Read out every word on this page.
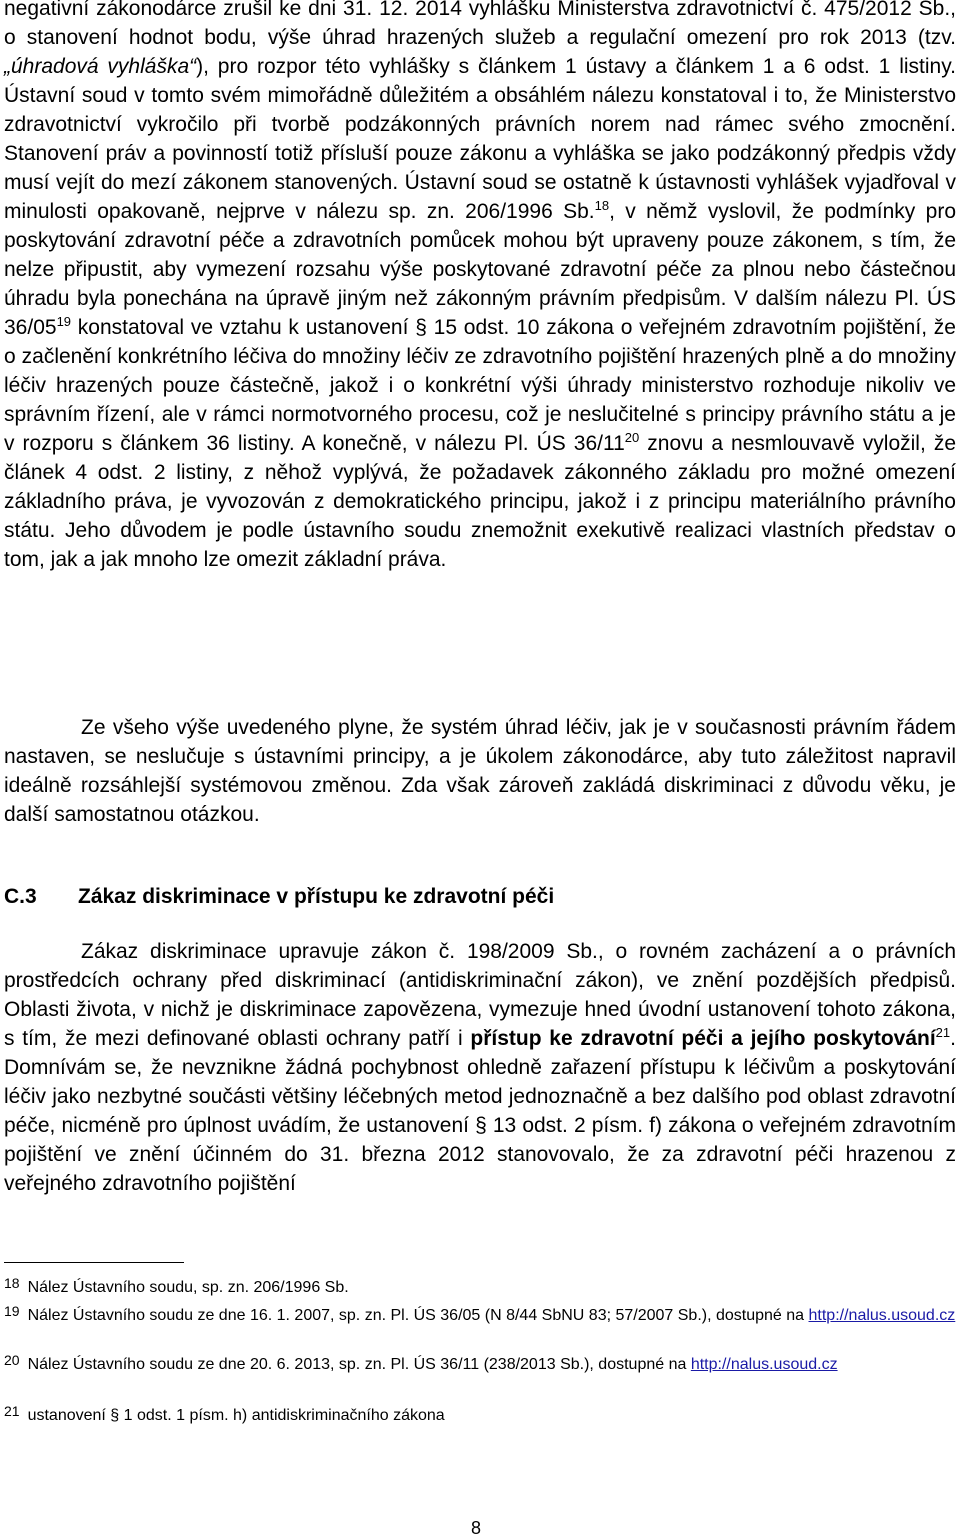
negativní zákonodárce zrušil ke dni 31. 12. 2014 vyhlášku Ministerstva zdravotnictví č. 475/2012 Sb., o stanovení hodnot bodu, výše úhrad hrazených služeb a regulační omezení pro rok 2013 (tzv. „úhradová vyhláška“), pro rozpor této vyhlášky s článkem 1 ústavy a článkem 1 a 6 odst. 1 listiny. Ústavní soud v tomto svém mimořádně důležitém a obsáhlém nálezu konstatoval i to, že Ministerstvo zdravotnictví vykročilo při tvorbě podzákonných právních norem nad rámec svého zmocnění. Stanovení práv a povinností totiž přísluší pouze zákonu a vyhláška se jako podzákonný předpis vždy musí vejít do mezí zákonem stanovených. Ústavní soud se ostatně k ústavnosti vyhlášek vyjadřoval v minulosti opakovaně, nejprve v nálezu sp. zn. 206/1996 Sb.$^{18}$, v němž vyslovil, že podmínky pro poskytování zdravotní péče a zdravotních pomůcek mohou být upraveny pouze zákonem, s tím, že nelze připustit, aby vymezení rozsahu výše poskytované zdravotní péče za plnou nebo částečnou úhradu byla ponechána na úpravě jiným než zákonným právním předpisům. V dalším nálezu Pl. ÚS $36/05^{19}$ konstatoval ve vztahu k ustanovení § 15 odst. 10 zákona o veřejném zdravotním pojištění, že o začlenění konkrétního léčiva do množiny léčiv ze zdravotního pojištění hrazených plně a do množiny léčiv hrazených pouze částečně, jakož i o konkrétní výši úhrady ministerstvo rozhoduje nikoliv ve správním řízení, ale v rámci normotvorného procesu, což je neslučitelné s principy právního státu a je v rozporu s článkem 36 listiny. A konečně, v nálezu Pl. ÚS $36/11^{20}$ znovu a nesmlouvavě vyložil, že článek 4 odst. 2 listiny, z něhož vyplývá, že požadavek zákonného základu pro možné omezení základního práva, je vyvozován z demokratického principu, jakož i z principu materiálního právního státu. Jeho důvodem je podle ústavního soudu znemožnit exekutivě realizaci vlastních představ o tom, jak a jak mnoho lze omezit základní práva.

Ze všeho výše uvedeného plyne, že systém úhrad léčiv, jak je v současnosti právním řádem nastaven, se neslučuje s ústavními principy, a je úkolem zákonodárce, aby tuto záležitost napravil ideálně rozsáhlejší systémovou změnou. Zda však zároveň zakládá diskriminaci z důvodu věku, je další samostatnou otázkou.

C.3 Zákaz diskriminace v přístupu ke zdravotní péči

Zákaz diskriminace upravuje zákon č. 198/2009 Sb., o rovném zacházení a o právních prostředcích ochrany před diskriminací (antidiskriminační zákon), ve znění pozdějších předpisů. Oblasti života, v nichž je diskriminace zapovězena, vymezuje hned úvodní ustanovení tohoto zákona, s tím, že mezi definované oblasti ochrany patří i přístup ke zdravotní péči a jejího poskytování$^{21}$. Domnívám se, že nevznikne žádná pochybnost ohledně zařazení přístupu k léčivům a poskytování léčiv jako nezbytné součásti většiny léčebných metod jednoznačně a bez dalšího pod oblast zdravotní péče, nicméně pro úplnost uvádím, že ustanovení § 13 odst. 2 písm. f) zákona o veřejném zdravotním pojištění ve znění účinném do 31. března 2012 stanovovalo, že za zdravotní péči hrazenou z veřejného zdravotního pojištění

$^{18}$ Nález Ústavního soudu, sp. zn. 206/1996 Sb.

$^{19}$ Nález Ústavního soudu ze dne 16. 1. 2007, sp. zn. Pl. ÚS 36/05 (N 8/44 SbNU 83; 57/2007 Sb.), dostupné na http://nalus.usoud.cz

$^{20}$ Nález Ústavního soudu ze dne 20. 6. 2013, sp. zn. Pl. ÚS 36/11 (238/2013 Sb.), dostupné na http://nalus.usoud.cz

$^{21}$ ustanovení § 1 odst. 1 písm. h) antidiskriminačního zákona

8
